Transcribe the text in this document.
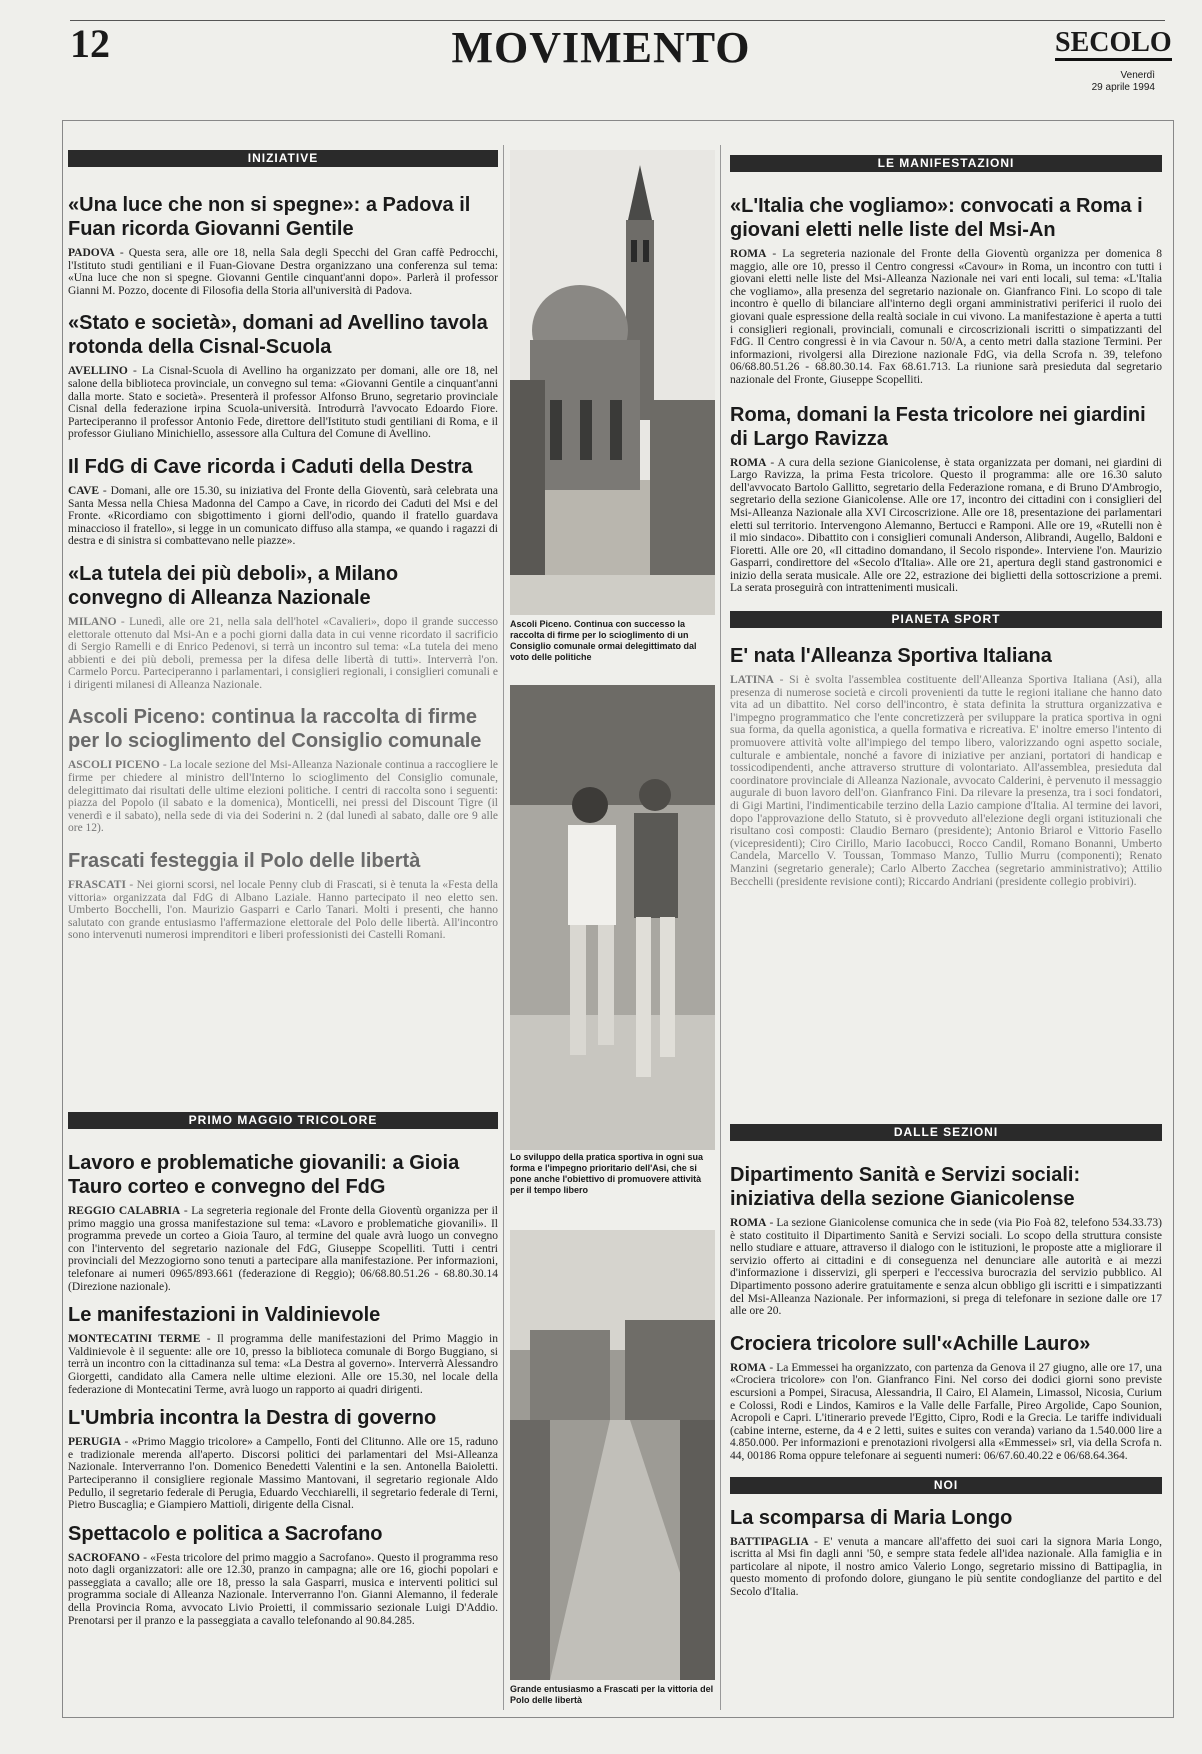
12	MOVIMENTO	SECOLO
Venerdì
29 aprile 1994
INIZIATIVE
«Una luce che non si spegne»: a Padova il Fuan ricorda Giovanni Gentile

PADOVA - Questa sera, alle ore 18, nella Sala degli Specchi del Gran caffè Pedrocchi, l'Istituto studi gentiliani e il Fuan-Giovane Destra organizzano una conferenza sul tema: «Una luce che non si spegne. Giovanni Gentile cinquant'anni dopo». Parlerà il professor Gianni M. Pozzo, docente di Filosofia della Storia all'università di Padova.

«Stato e società», domani ad Avellino tavola rotonda della Cisnal-Scuola

AVELLINO - La Cisnal-Scuola di Avellino ha organizzato per domani, alle ore 18, nel salone della biblioteca provinciale, un convegno sul tema: «Giovanni Gentile a cinquant'anni dalla morte. Stato e società». Presenterà il professor Alfonso Bruno, segretario provinciale Cisnal della federazione irpina Scuola-università. Introdurrà l'avvocato Edoardo Fiore. Parteciperanno il professor Antonio Fede, direttore dell'Istituto studi gentiliani di Roma, e il professor Giuliano Minichiello, assessore alla Cultura del Comune di Avellino.

Il FdG di Cave ricorda i Caduti della Destra

CAVE - Domani, alle ore 15.30, su iniziativa del Fronte della Gioventù, sarà celebrata una Santa Messa nella Chiesa Madonna del Campo a Cave, in ricordo dei Caduti del Msi e del Fronte. «Ricordiamo con sbigottimento i giorni dell'odio, quando il fratello guardava minaccioso il fratello», si legge in un comunicato diffuso alla stampa, «e quando i ragazzi di destra e di sinistra si combattevano nelle piazze».

«La tutela dei più deboli», a Milano convegno di Alleanza Nazionale

MILANO - Lunedì, alle ore 21, nella sala dell'hotel «Cavalieri», dopo il grande successo elettorale ottenuto dal Msi-An e a pochi giorni dalla data in cui venne ricordato il sacrificio di Sergio Ramelli e di Enrico Pedenovi, si terrà un incontro sul tema: «La tutela dei meno abbienti e dei più deboli, premessa per la difesa delle libertà di tutti». Interverrà l'on. Carmelo Porcu. Parteciperanno i parlamentari, i consiglieri regionali, i consiglieri comunali e i dirigenti milanesi di Alleanza Nazionale.

Ascoli Piceno: continua la raccolta di firme per lo scioglimento del Consiglio comunale

ASCOLI PICENO - La locale sezione del Msi-Alleanza Nazionale continua a raccogliere le firme per chiedere al ministro dell'Interno lo scioglimento del Consiglio comunale, delegittimato dai risultati delle ultime elezioni politiche. I centri di raccolta sono i seguenti: piazza del Popolo (il sabato e la domenica), Monticelli, nei pressi del Discount Tigre (il venerdì e il sabato), nella sede di via dei Soderini n. 2 (dal lunedì al sabato, dalle ore 9 alle ore 12).

Frascati festeggia il Polo delle libertà

FRASCATI - Nei giorni scorsi, nel locale Penny club di Frascati, si è tenuta la «Festa della vittoria» organizzata dal FdG di Albano Laziale. Hanno partecipato il neo eletto sen. Umberto Bocchelli, l'on. Maurizio Gasparri e Carlo Tanari. Molti i presenti, che hanno salutato con grande entusiasmo l'affermazione elettorale del Polo delle libertà. All'incontro sono intervenuti numerosi imprenditori e liberi professionisti dei Castelli Romani.

PRIMO MAGGIO TRICOLORE
Lavoro e problematiche giovanili: a Gioia Tauro corteo e convegno del FdG

REGGIO CALABRIA - La segreteria regionale del Fronte della Gioventù organizza per il primo maggio una grossa manifestazione sul tema: «Lavoro e problematiche giovanili». Il programma prevede un corteo a Gioia Tauro, al termine del quale avrà luogo un convegno con l'intervento del segretario nazionale del FdG, Giuseppe Scopelliti. Tutti i centri provinciali del Mezzogiorno sono tenuti a partecipare alla manifestazione. Per informazioni, telefonare ai numeri 0965/893.661 (federazione di Reggio); 06/68.80.51.26 - 68.80.30.14 (Direzione nazionale).

Le manifestazioni in Valdinievole

MONTECATINI TERME - Il programma delle manifestazioni del Primo Maggio in Valdinievole è il seguente: alle ore 10, presso la biblioteca comunale di Borgo Buggiano, si terrà un incontro con la cittadinanza sul tema: «La Destra al governo». Interverrà Alessandro Giorgetti, candidato alla Camera nelle ultime elezioni. Alle ore 15.30, nel locale della federazione di Montecatini Terme, avrà luogo un rapporto ai quadri dirigenti.

L'Umbria incontra la Destra di governo

PERUGIA - «Primo Maggio tricolore» a Campello, Fonti del Clitunno. Alle ore 15, raduno e tradizionale merenda all'aperto. Discorsi politici dei parlamentari del Msi-Alleanza Nazionale. Interverranno l'on. Domenico Benedetti Valentini e la sen. Antonella Baioletti. Parteciperanno il consigliere regionale Massimo Mantovani, il segretario regionale Aldo Pedullo, il segretario federale di Perugia, Eduardo Vecchiarelli, il segretario federale di Terni, Pietro Buscaglia; e Giampiero Mattioli, dirigente della Cisnal.

Spettacolo e politica a Sacrofano

SACROFANO - «Festa tricolore del primo maggio a Sacrofano». Questo il programma reso noto dagli organizzatori: alle ore 12.30, pranzo in campagna; alle ore 16, giochi popolari e passeggiata a cavallo; alle ore 18, presso la sala Gasparri, musica e interventi politici sul programma sociale di Alleanza Nazionale. Interverranno l'on. Gianni Alemanno, il federale della Provincia Roma, avvocato Livio Proietti, il commissario sezionale Luigi D'Addio. Prenotarsi per il pranzo e la passeggiata a cavallo telefonando al 90.84.285.

Ascoli Piceno. Continua con successo la raccolta di firme per lo scioglimento di un Consiglio comunale ormai delegittimato dal voto delle politiche
Lo sviluppo della pratica sportiva in ogni sua forma e l'impegno prioritario dell'Asi, che si pone anche l'obiettivo di promuovere attività per il tempo libero
Grande entusiasmo a Frascati per la vittoria del Polo delle libertà
LE MANIFESTAZIONI
«L'Italia che vogliamo»: convocati a Roma i giovani eletti nelle liste del Msi-An

ROMA - La segreteria nazionale del Fronte della Gioventù organizza per domenica 8 maggio, alle ore 10, presso il Centro congressi «Cavour» in Roma, un incontro con tutti i giovani eletti nelle liste del Msi-Alleanza Nazionale nei vari enti locali, sul tema: «L'Italia che vogliamo», alla presenza del segretario nazionale on. Gianfranco Fini. Lo scopo di tale incontro è quello di bilanciare all'interno degli organi amministrativi periferici il ruolo dei giovani quale espressione della realtà sociale in cui vivono. La manifestazione è aperta a tutti i consiglieri regionali, provinciali, comunali e circoscrizionali iscritti o simpatizzanti del FdG. Il Centro congressi è in via Cavour n. 50/A, a cento metri dalla stazione Termini. Per informazioni, rivolgersi alla Direzione nazionale FdG, via della Scrofa n. 39, telefono 06/68.80.51.26 - 68.80.30.14. Fax 68.61.713. La riunione sarà presieduta dal segretario nazionale del Fronte, Giuseppe Scopelliti.

Roma, domani la Festa tricolore nei giardini di Largo Ravizza

ROMA - A cura della sezione Gianicolense, è stata organizzata per domani, nei giardini di Largo Ravizza, la prima Festa tricolore. Questo il programma: alle ore 16.30 saluto dell'avvocato Bartolo Gallitto, segretario della Federazione romana, e di Bruno D'Ambrogio, segretario della sezione Gianicolense. Alle ore 17, incontro dei cittadini con i consiglieri del Msi-Alleanza Nazionale alla XVI Circoscrizione. Alle ore 18, presentazione dei parlamentari eletti sul territorio. Intervengono Alemanno, Bertucci e Ramponi. Alle ore 19, «Rutelli non è il mio sindaco». Dibattito con i consiglieri comunali Anderson, Alibrandi, Augello, Baldoni e Fioretti. Alle ore 20, «Il cittadino domandano, il Secolo risponde». Interviene l'on. Maurizio Gasparri, condirettore del «Secolo d'Italia». Alle ore 21, apertura degli stand gastronomici e inizio della serata musicale. Alle ore 22, estrazione dei biglietti della sottoscrizione a premi. La serata proseguirà con intrattenimenti musicali.

PIANETA SPORT
E' nata l'Alleanza Sportiva Italiana

LATINA - Si è svolta l'assemblea costituente dell'Alleanza Sportiva Italiana (Asi), alla presenza di numerose società e circoli provenienti da tutte le regioni italiane che hanno dato vita ad un dibattito. Nel corso dell'incontro, è stata definita la struttura organizzativa e l'impegno programmatico che l'ente concretizzerà per sviluppare la pratica sportiva in ogni sua forma, da quella agonistica, a quella formativa e ricreativa. E' inoltre emerso l'intento di promuovere attività volte all'impiego del tempo libero, valorizzando ogni aspetto sociale, culturale e ambientale, nonché a favore di iniziative per anziani, portatori di handicap e tossicodipendenti, anche attraverso strutture di volontariato. All'assemblea, presieduta dal coordinatore provinciale di Alleanza Nazionale, avvocato Calderini, è pervenuto il messaggio augurale di buon lavoro dell'on. Gianfranco Fini. Da rilevare la presenza, tra i soci fondatori, di Gigi Martini, l'indimenticabile terzino della Lazio campione d'Italia. Al termine dei lavori, dopo l'approvazione dello Statuto, si è provveduto all'elezione degli organi istituzionali che risultano così composti: Claudio Bernaro (presidente); Antonio Briarol e Vittorio Fasello (vicepresidenti); Ciro Cirillo, Mario Iacobucci, Rocco Candil, Romano Bonanni, Umberto Candela, Marcello V. Toussan, Tommaso Manzo, Tullio Murru (componenti); Renato Manzini (segretario generale); Carlo Alberto Zacchea (segretario amministrativo); Attilio Becchelli (presidente revisione conti); Riccardo Andriani (presidente collegio probiviri).

DALLE SEZIONI
Dipartimento Sanità e Servizi sociali: iniziativa della sezione Gianicolense

ROMA - La sezione Gianicolense comunica che in sede (via Pio Foà 82, telefono 534.33.73) è stato costituito il Dipartimento Sanità e Servizi sociali. Lo scopo della struttura consiste nello studiare e attuare, attraverso il dialogo con le istituzioni, le proposte atte a migliorare il servizio offerto ai cittadini e di conseguenza nel denunciare alle autorità e ai mezzi d'informazione i disservizi, gli sperperi e l'eccessiva burocrazia del servizio pubblico. Al Dipartimento possono aderire gratuitamente e senza alcun obbligo gli iscritti e i simpatizzanti del Msi-Alleanza Nazionale. Per informazioni, si prega di telefonare in sezione dalle ore 17 alle ore 20.

Crociera tricolore sull'«Achille Lauro»

ROMA - La Emmessei ha organizzato, con partenza da Genova il 27 giugno, alle ore 17, una «Crociera tricolore» con l'on. Gianfranco Fini. Nel corso dei dodici giorni sono previste escursioni a Pompei, Siracusa, Alessandria, Il Cairo, El Alamein, Limassol, Nicosia, Curium e Colossi, Rodi e Lindos, Kamiros e la Valle delle Farfalle, Pireo Argolide, Capo Sounion, Acropoli e Capri. L'itinerario prevede l'Egitto, Cipro, Rodi e la Grecia. Le tariffe individuali (cabine interne, esterne, da 4 e 2 letti, suites e suites con veranda) variano da 1.540.000 lire a 4.850.000. Per informazioni e prenotazioni rivolgersi alla «Emmessei» srl, via della Scrofa n. 44, 00186 Roma oppure telefonare ai seguenti numeri: 06/67.60.40.22 e 06/68.64.364.

NOI
La scomparsa di Maria Longo

BATTIPAGLIA - E' venuta a mancare all'affetto dei suoi cari la signora Maria Longo, iscritta al Msi fin dagli anni '50, e sempre stata fedele all'idea nazionale. Alla famiglia e in particolare al nipote, il nostro amico Valerio Longo, segretario missino di Battipaglia, in questo momento di profondo dolore, giungano le più sentite condoglianze del partito e del Secolo d'Italia.
